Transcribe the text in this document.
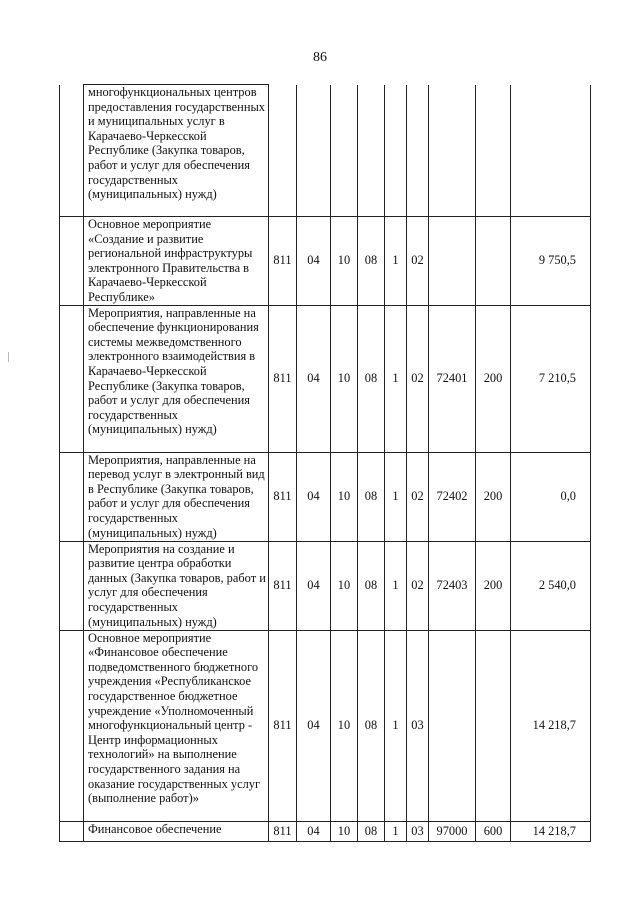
86
	многофункциональных центров предоставления государственных и муниципальных услуг в Карачаево-Черкесской Республике (Закупка товаров, работ и услуг для обеспечения государственных (муниципальных) нужд)									
	Основное мероприятие «Создание и развитие региональной инфраструктуры электронного Правительства в Карачаево-Черкесской Республике»	811	04	10	08	1	02			9 750,5
	Мероприятия, направленные на обеспечение функционирования системы межведомственного электронного взаимодействия в Карачаево-Черкесской Республике (Закупка товаров, работ и услуг для обеспечения государственных (муниципальных) нужд)	811	04	10	08	1	02	72401	200	7 210,5
	Мероприятия, направленные на перевод услуг в электронный вид в Республике (Закупка товаров, работ и услуг для обеспечения государственных (муниципальных) нужд)	811	04	10	08	1	02	72402	200	0,0
	Мероприятия на создание и развитие центра обработки данных (Закупка товаров, работ и услуг для обеспечения государственных (муниципальных) нужд)	811	04	10	08	1	02	72403	200	2 540,0
	Основное мероприятие «Финансовое обеспечение подведомственного бюджетного учреждения «Республиканское государственное бюджетное учреждение «Уполномоченный многофункциональный центр - Центр информационных технологий» на выполнение государственного задания на оказание государственных услуг (выполнение работ)»	811	04	10	08	1	03			14 218,7
	Финансовое обеспечение	811	04	10	08	1	03	97000	600	14 218,7
